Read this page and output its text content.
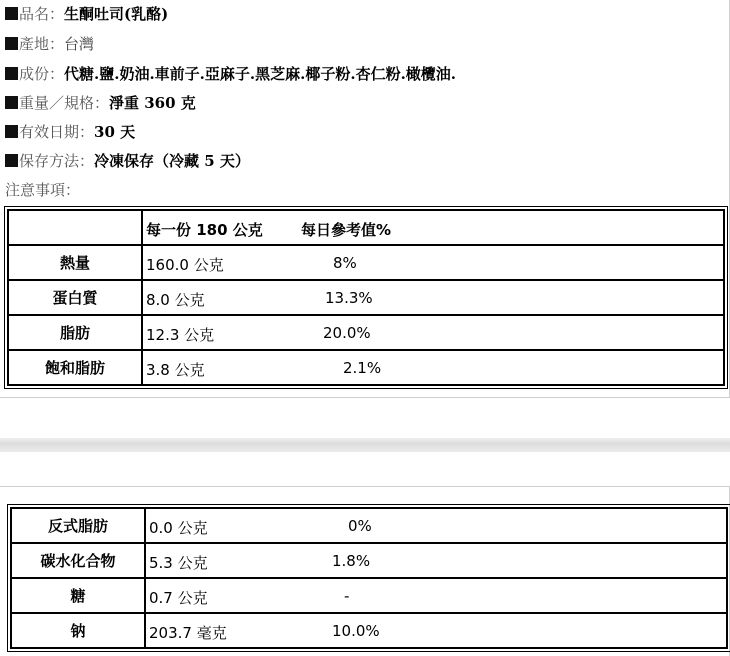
品名：生酮吐司(乳酪)
產地：台灣
成份：代糖.鹽.奶油.車前子.亞麻子.黑芝麻.椰子粉.杏仁粉.橄欖油.
重量／規格：淨重 360 克
有效日期：30 天
保存方法：冷凍保存（冷藏 5 天）
注意事項：

	每一份 180 公克 每日參考值%

熱量	160.0 公克 8%

蛋白質	8.0 公克 13.3%

脂肪	12.3 公克 20.0%

飽和脂肪	3.8 公克 2.1%
反式脂肪	0.0 公克 0%

碳水化合物	5.3 公克 1.8%

糖	0.7 公克 -

钠	203.7 毫克 10.0%
